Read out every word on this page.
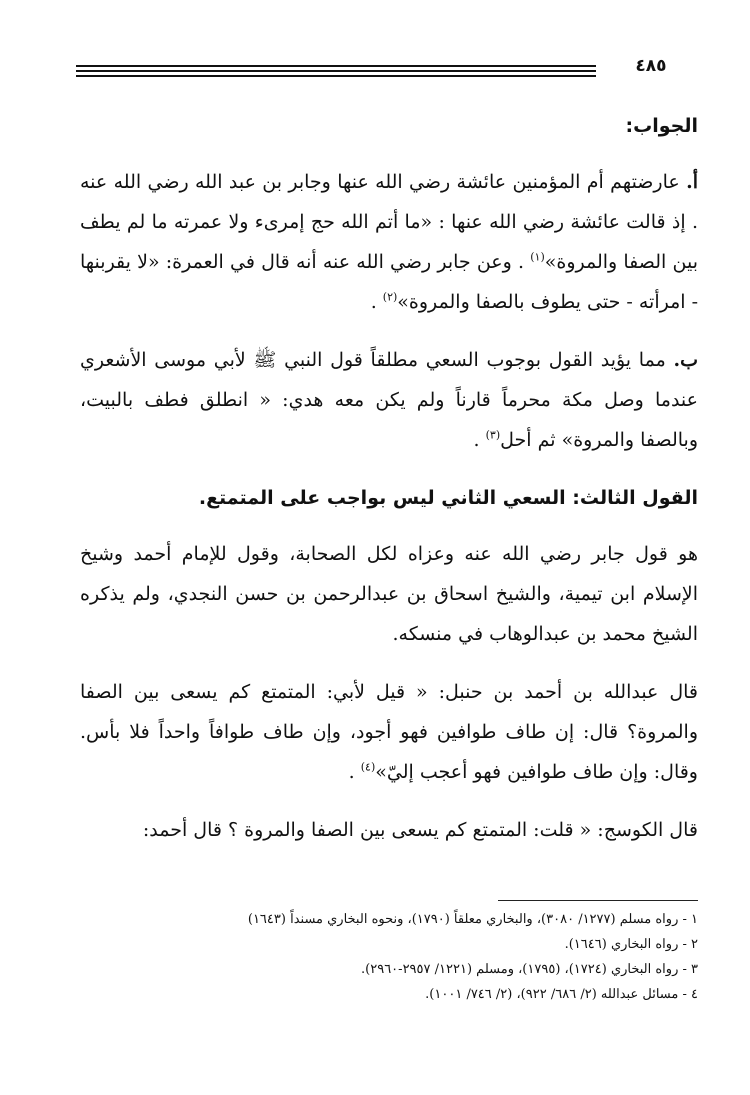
٤٨٥

الجواب:

أ. عارضتهم أم المؤمنين عائشة رضي الله عنها وجابر بن عبد الله رضي الله عنه . إذ قالت عائشة رضي الله عنها : «ما أتم الله حج إمرىء ولا عمرته ما لم يطف بين الصفا والمروة»$^{(١)}$ . وعن جابر رضي الله عنه أنه قال في العمرة: «لا يقربنها - امرأته - حتى يطوف بالصفا والمروة»$^{(٢)}$ .

ب. مما يؤيد القول بوجوب السعي مطلقاً قول النبي ﷺ لأبي موسى الأشعري عندما وصل مكة محرماً قارناً ولم يكن معه هدي: « انطلق فطف بالبيت، وبالصفا والمروة» ثم أحل$^{(٣)}$ .

القول الثالث: السعي الثاني ليس بواجب على المتمتع.

هو قول جابر رضي الله عنه وعزاه لكل الصحابة، وقول للإمام أحمد وشيخ الإسلام ابن تيمية، والشيخ اسحاق بن عبدالرحمن بن حسن النجدي، ولم يذكره الشيخ محمد بن عبدالوهاب في منسكه.

قال عبدالله بن أحمد بن حنبل: « قيل لأبي: المتمتع كم يسعى بين الصفا والمروة؟ قال: إن طاف طوافين فهو أجود، وإن طاف طوافاً واحداً فلا بأس. وقال: وإن طاف طوافين فهو أعجب إليّ»$^{(٤)}$ .

قال الكوسج: « قلت: المتمتع كم يسعى بين الصفا والمروة ؟ قال أحمد:

١ - رواه مسلم (١٢٧٧/ ٣٠٨٠)، والبخاري معلقاً (١٧٩٠)، ونحوه البخاري مسنداً (١٦٤٣)
٢ - رواه البخاري (١٦٤٦).
٣ - رواه البخاري (١٧٢٤)، (١٧٩٥)، ومسلم (١٢٢١/ ٢٩٥٧-٢٩٦٠).
٤ - مسائل عبدالله (٢/ ٦٨٦/ ٩٢٢)، (٢/ ٧٤٦/ ١٠٠١).
